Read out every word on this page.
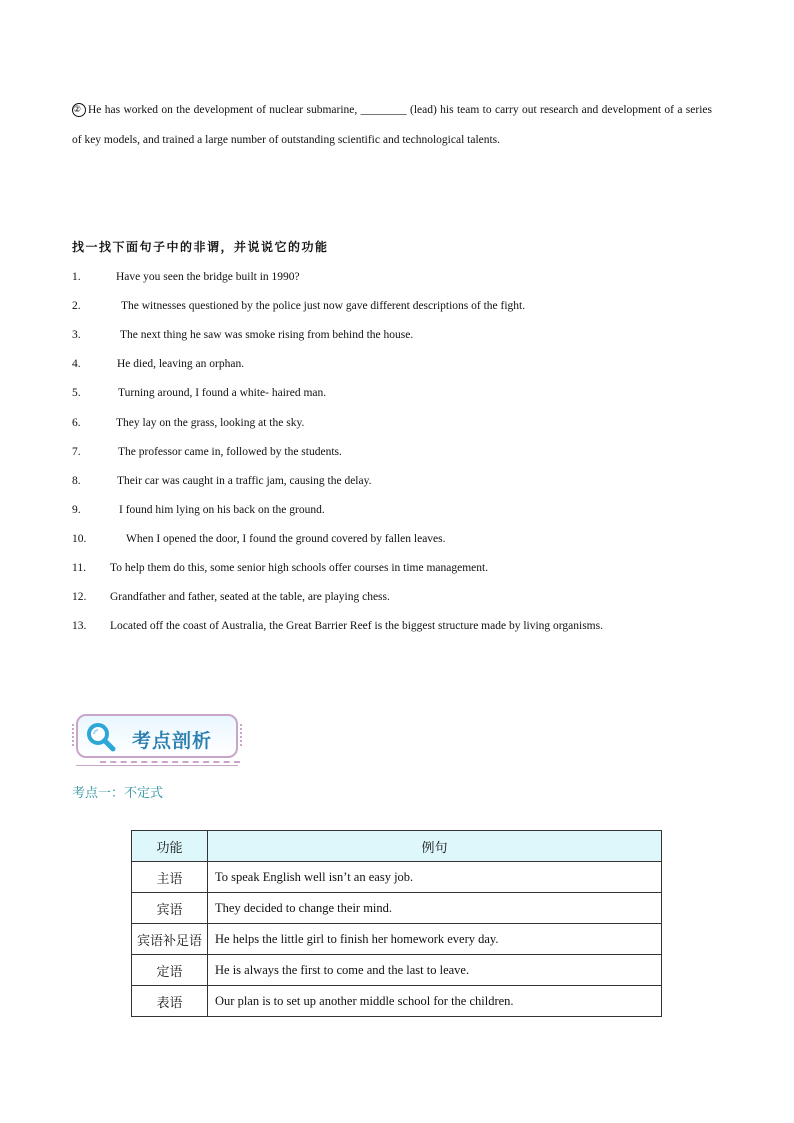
② He has worked on the development of nuclear submarine, ________ (lead) his team to carry out research and development of a series of key models, and trained a large number of outstanding scientific and technological talents.
找一找下面句子中的非谓，并说说它的功能
1.	Have you seen the bridge built in 1990?
2.	The witnesses questioned by the police just now gave different descriptions of the fight.
3.	The next thing he saw was smoke rising from behind the house.
4.	He died, leaving an orphan.
5.	Turning around, I found a white- haired man.
6.	They lay on the grass, looking at the sky.
7.	The professor came in, followed by the students.
8.	Their car was caught in a traffic jam, causing the delay.
9.	I found him lying on his back on the ground.
10.	When I opened the door, I found the ground covered by fallen leaves.
11. To help them do this, some senior high schools offer courses in time management.
12. Grandfather and father, seated at the table, are playing chess.
13. Located off the coast of Australia, the Great Barrier Reef is the biggest structure made by living organisms.
考点剖析
考点一：不定式
功能	例句
主语	To speak English well isn’t an easy job.
宾语	They decided to change their mind.
宾语补足语	He helps the little girl to finish her homework every day.
定语	He is always the first to come and the last to leave.
表语	Our plan is to set up another middle school for the children.
